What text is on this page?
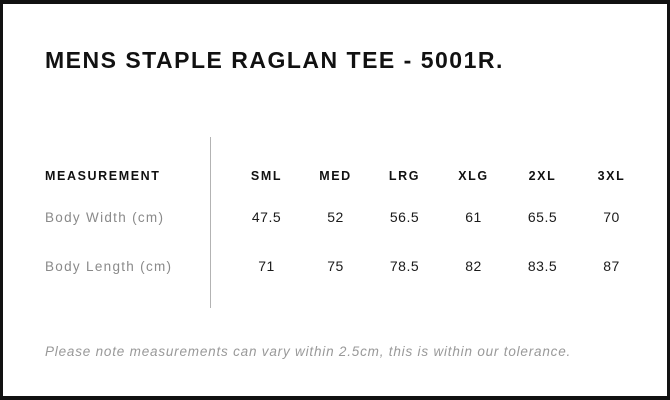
MENS STAPLE RAGLAN TEE - 5001R.
MEASUREMENT	SML	MED	LRG	XLG	2XL	3XL
Body Width (cm)	47.5	52	56.5	61	65.5	70
Body Length (cm)	71	75	78.5	82	83.5	87

Please note measurements can vary within 2.5cm, this is within our tolerance.
